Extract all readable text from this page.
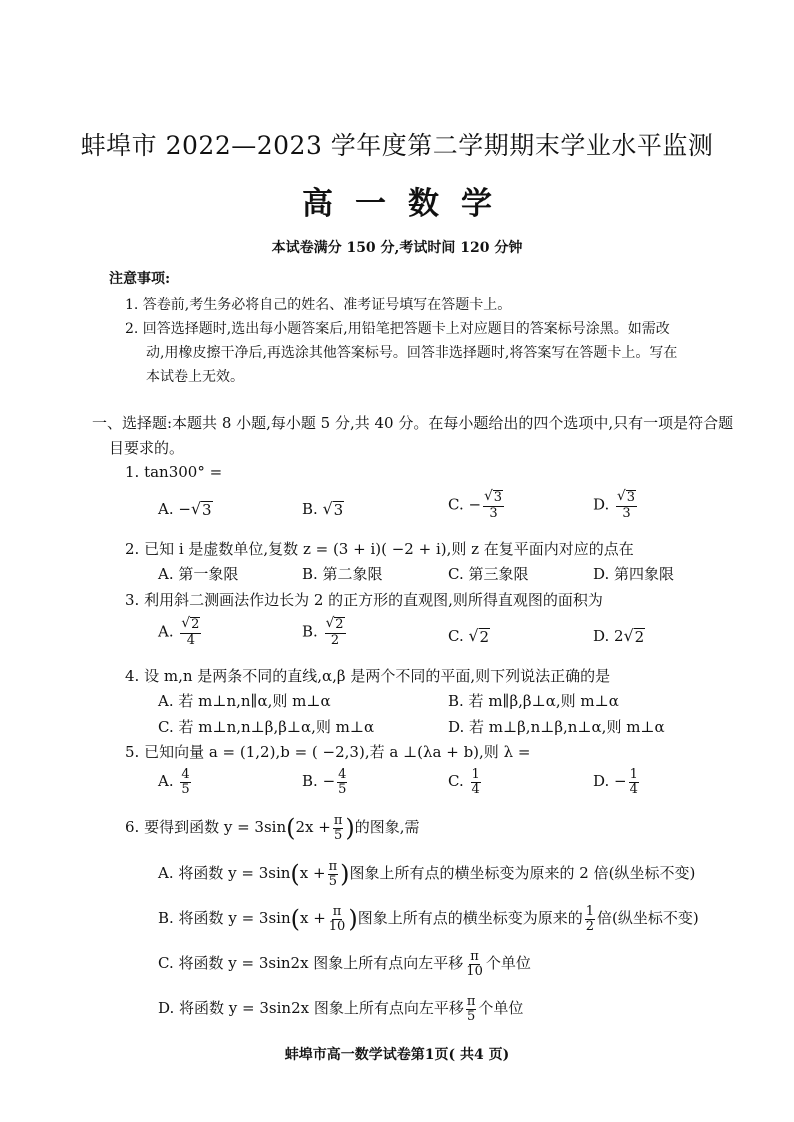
蚌埠市 2022—2023 学年度第二学期期末学业水平监测
高一数学
本试卷满分 150 分,考试时间 120 分钟
注意事项:
1. 答卷前,考生务必将自己的姓名、准考证号填写在答题卡上。
2. 回答选择题时,选出每小题答案后,用铅笔把答题卡上对应题目的答案标号涂黑。如需改
动,用橡皮擦干净后,再选涂其他答案标号。回答非选择题时,将答案写在答题卡上。写在
本试卷上无效。
一、选择题:本题共 8 小题,每小题 5 分,共 40 分。在每小题给出的四个选项中,只有一项是符合题
目要求的。
1. tan300° =
A. − √ 3	B. √ 3	C. − $\frac{√ 3}{3}$	D. $\frac{√ 3}{3}$
2. 已知 i 是虚数单位,复数 z = (3 + i)( −2 + i),则 z 在复平面内对应的点在
A. 第一象限	B. 第二象限	C. 第三象限	D. 第四象限
3. 利用斜二测画法作边长为 2 的正方形的直观图,则所得直观图的面积为
A. $\frac{√ 2}{4}$	B. $\frac{√ 2}{2}$	C. √ 2	D. 2 √ 2
4. 设 m,n 是两条不同的直线,α,β 是两个不同的平面,则下列说法正确的是
A. 若 m⊥n,n∥α,则 m⊥α	B. 若 m∥β,β⊥α,则 m⊥α
C. 若 m⊥n,n⊥β,β⊥α,则 m⊥α	D. 若 m⊥β,n⊥β,n⊥α,则 m⊥α
5. 已知向量 a = (1,2),b = ( −2,3),若 a ⊥(λa + b),则 λ =
A. $\frac{4}{5}$	B. − $\frac{4}{5}$	C. $\frac{1}{4}$	D. − $\frac{1}{4}$
6. 要得到函数 $y = 3\sin(2x + \frac{\pi}{5}$ )的图象,需
A. 将函数 $y = 3\sin(x + \frac{\pi}{5}$ )图象上所有点的横坐标变为原来的 2 倍(纵坐标不变)
B. 将函数 $y = 3\sin(x + \frac{\pi}{10}$ )图象上所有点的横坐标变为原来的 $\frac{1}{2}$ 倍(纵坐标不变)
C. 将函数 y = 3sin2x 图象上所有点向左平移 $\frac{\pi}{10}$ 个单位
D. 将函数 y = 3sin2x 图象上所有点向左平移 $\frac{\pi}{5}$ 个单位
蚌埠市高一数学试卷第1页( 共4 页)
